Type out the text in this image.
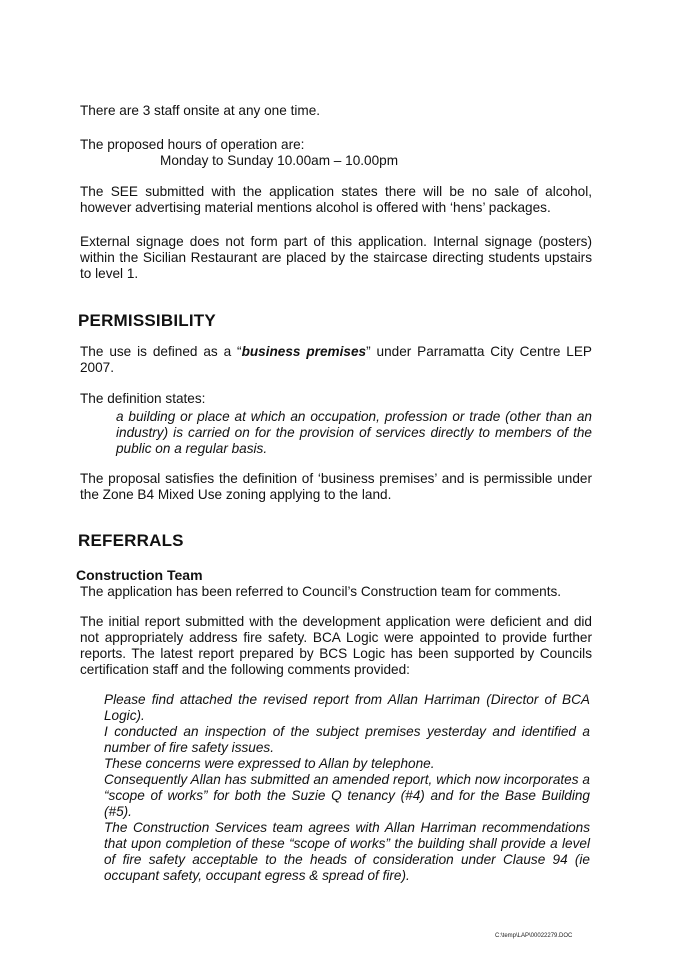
There are 3 staff onsite at any one time.

The proposed hours of operation are:

Monday to Sunday 10.00am – 10.00pm

The SEE submitted with the application states there will be no sale of alcohol, however advertising material mentions alcohol is offered with ‘hens’ packages.

External signage does not form part of this application. Internal signage (posters) within the Sicilian Restaurant are placed by the staircase directing students upstairs to level 1.

PERMISSIBILITY

The use is defined as a “business premises” under Parramatta City Centre LEP 2007.

The definition states:

a building or place at which an occupation, profession or trade (other than an industry) is carried on for the provision of services directly to members of the public on a regular basis.

The proposal satisfies the definition of ‘business premises’ and is permissible under the Zone B4 Mixed Use zoning applying to the land.

REFERRALS

Construction Team

The application has been referred to Council’s Construction team for comments.

The initial report submitted with the development application were deficient and did not appropriately address fire safety. BCA Logic were appointed to provide further reports. The latest report prepared by BCS Logic has been supported by Councils certification staff and the following comments provided:

Please find attached the revised report from Allan Harriman (Director of BCA Logic).

I conducted an inspection of the subject premises yesterday and identified a number of fire safety issues.

These concerns were expressed to Allan by telephone.

Consequently Allan has submitted an amended report, which now incorporates a “scope of works” for both the Suzie Q tenancy (#4) and for the Base Building (#5).

The Construction Services team agrees with Allan Harriman recommendations that upon completion of these “scope of works” the building shall provide a level of fire safety acceptable to the heads of consideration under Clause 94 (ie occupant safety, occupant egress & spread of fire).

C:\temp\LAP\00022279.DOC
